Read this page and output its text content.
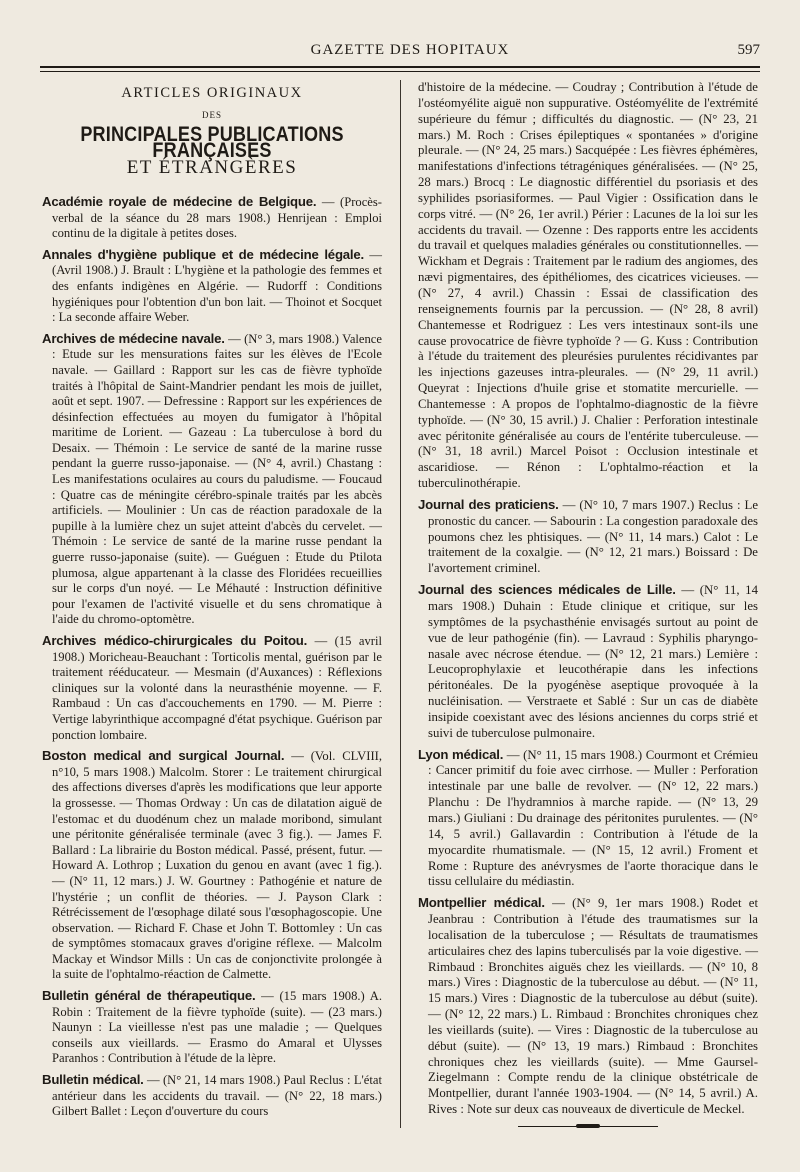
GAZETTE DES HOPITAUX	597
ARTICLES ORIGINAUX
DES
PRINCIPALES PUBLICATIONS FRANÇAISES
ET ÉTRANGÈRES

Académie royale de médecine de Belgique. — (Procès-verbal de la séance du 28 mars 1908.) Henrijean : Emploi continu de la digitale à petites doses.

Annales d'hygiène publique et de médecine légale. — (Avril 1908.) J. Brault : L'hygiène et la pathologie des femmes et des enfants indigènes en Algérie. — Rudorff : Conditions hygiéniques pour l'obtention d'un bon lait. — Thoinot et Socquet : La seconde affaire Weber.

Archives de médecine navale. — (N° 3, mars 1908.) Valence : Etude sur les mensurations faites sur les élèves de l'Ecole navale. — Gaillard : Rapport sur les cas de fièvre typhoïde traités à l'hôpital de Saint-Mandrier pendant les mois de juillet, août et sept. 1907. — Defressine : Rapport sur les expériences de désinfection effectuées au moyen du fumigator à l'hôpital maritime de Lorient. — Gazeau : La tuberculose à bord du Desaix. — Thémoin : Le service de santé de la marine russe pendant la guerre russo-japonaise. — (N° 4, avril.) Chastang : Les manifestations oculaires au cours du paludisme. — Foucaud : Quatre cas de méningite cérébro-spinale traités par les abcès artificiels. — Moulinier : Un cas de réaction paradoxale de la pupille à la lumière chez un sujet atteint d'abcès du cervelet. — Thémoin : Le service de santé de la marine russe pendant la guerre russo-japonaise (suite). — Guéguen : Etude du Ptilota plumosa, algue appartenant à la classe des Floridées recueillies sur le corps d'un noyé. — Le Méhauté : Instruction définitive pour l'examen de l'activité visuelle et du sens chromatique à l'aide du chromo-optomètre.

Archives médico-chirurgicales du Poitou. — (15 avril 1908.) Moricheau-Beauchant : Torticolis mental, guérison par le traitement rééducateur. — Mesmain (d'Auxances) : Réflexions cliniques sur la volonté dans la neurasthénie moyenne. — F. Rambaud : Un cas d'accouchements en 1790. — M. Pierre : Vertige labyrinthique accompagné d'état psychique. Guérison par ponction lombaire.

Boston medical and surgical Journal. — (Vol. CLVIII, n°10, 5 mars 1908.) Malcolm. Storer : Le traitement chirurgical des affections diverses d'après les modifications que leur apporte la grossesse. — Thomas Ordway : Un cas de dilatation aiguë de l'estomac et du duodénum chez un malade moribond, simulant une péritonite généralisée terminale (avec 3 fig.). — James F. Ballard : La librairie du Boston médical. Passé, présent, futur. — Howard A. Lothrop ; Luxation du genou en avant (avec 1 fig.). — (N° 11, 12 mars.) J. W. Gourtney : Pathogénie et nature de l'hystérie ; un conflit de théories. — J. Payson Clark : Rétrécissement de l'œsophage dilaté sous l'œsophagoscopie. Une observation. — Richard F. Chase et John T. Bottomley : Un cas de symptômes stomacaux graves d'origine réflexe. — Malcolm Mackay et Windsor Mills : Un cas de conjonctivite prolongée à la suite de l'ophtalmo-réaction de Calmette.

Bulletin général de thérapeutique. — (15 mars 1908.) A. Robin : Traitement de la fièvre typhoïde (suite). — (23 mars.) Naunyn : La vieillesse n'est pas une maladie ; — Quelques conseils aux vieillards. — Erasmo do Amaral et Ulysses Paranhos : Contribution à l'étude de la lèpre.

Bulletin médical. — (N° 21, 14 mars 1908.) Paul Reclus : L'état antérieur dans les accidents du travail. — (N° 22, 18 mars.) Gilbert Ballet : Leçon d'ouverture du cours

d'histoire de la médecine. — Coudray ; Contribution à l'étude de l'ostéomyélite aiguë non suppurative. Ostéomyélite de l'extrémité supérieure du fémur ; difficultés du diagnostic. — (N° 23, 21 mars.) M. Roch : Crises épileptiques « spontanées » d'origine pleurale. — (N° 24, 25 mars.) Sacquépée : Les fièvres éphémères, manifestations d'infections tétragéniques généralisées. — (N° 25, 28 mars.) Brocq : Le diagnostic différentiel du psoriasis et des syphilides psoriasiformes. — Paul Vigier : Ossification dans le corps vitré. — (N° 26, 1er avril.) Périer : Lacunes de la loi sur les accidents du travail. — Ozenne : Des rapports entre les accidents du travail et quelques maladies générales ou constitutionnelles. — Wickham et Degrais : Traitement par le radium des angiomes, des nævi pigmentaires, des épithéliomes, des cicatrices vicieuses. — (N° 27, 4 avril.) Chassin : Essai de classification des renseignements fournis par la percussion. — (N° 28, 8 avril) Chantemesse et Rodriguez : Les vers intestinaux sont-ils une cause provocatrice de fièvre typhoïde ? — G. Kuss : Contribution à l'étude du traitement des pleurésies purulentes récidivantes par les injections gazeuses intra-pleurales. — (N° 29, 11 avril.) Queyrat : Injections d'huile grise et stomatite mercurielle. — Chantemesse : A propos de l'ophtalmo-diagnostic de la fièvre typhoïde. — (N° 30, 15 avril.) J. Chalier : Perforation intestinale avec péritonite généralisée au cours de l'entérite tuberculeuse. — (N° 31, 18 avril.) Marcel Poisot : Occlusion intestinale et ascaridiose. — Rénon : L'ophtalmo-réaction et la tuberculinothérapie.

Journal des praticiens. — (N° 10, 7 mars 1907.) Reclus : Le pronostic du cancer. — Sabourin : La congestion paradoxale des poumons chez les phtisiques. — (N° 11, 14 mars.) Calot : Le traitement de la coxalgie. — (N° 12, 21 mars.) Boissard : De l'avortement criminel.

Journal des sciences médicales de Lille. — (N° 11, 14 mars 1908.) Duhain : Etude clinique et critique, sur les symptômes de la psychasthénie envisagés surtout au point de vue de leur pathogénie (fin). — Lavraud : Syphilis pharyngo-nasale avec nécrose étendue. — (N° 12, 21 mars.) Lemière : Leucoprophylaxie et leucothérapie dans les infections péritonéales. De la pyogénèse aseptique provoquée à la nucléinisation. — Verstraete et Sablé : Sur un cas de diabète insipide coexistant avec des lésions anciennes du corps strié et suivi de tuberculose pulmonaire.

Lyon médical. — (N° 11, 15 mars 1908.) Courmont et Crémieu : Cancer primitif du foie avec cirrhose. — Muller : Perforation intestinale par une balle de revolver. — (N° 12, 22 mars.) Planchu : De l'hydramnios à marche rapide. — (N° 13, 29 mars.) Giuliani : Du drainage des péritonites purulentes. — (N° 14, 5 avril.) Gallavardin : Contribution à l'étude de la myocardite rhumatismale. — (N° 15, 12 avril.) Froment et Rome : Rupture des anévrysmes de l'aorte thoracique dans le tissu cellulaire du médiastin.

Montpellier médical. — (N° 9, 1er mars 1908.) Rodet et Jeanbrau : Contribution à l'étude des traumatismes sur la localisation de la tuberculose ; — Résultats de traumatismes articulaires chez des lapins tuberculisés par la voie digestive. — Rimbaud : Bronchites aiguës chez les vieillards. — (N° 10, 8 mars.) Vires : Diagnostic de la tuberculose au début. — (N° 11, 15 mars.) Vires : Diagnostic de la tuberculose au début (suite). — (N° 12, 22 mars.) L. Rimbaud : Bronchites chroniques chez les vieillards (suite). — Vires : Diagnostic de la tuberculose au début (suite). — (N° 13, 19 mars.) Rimbaud : Bronchites chroniques chez les vieillards (suite). — Mme Gaursel-Ziegelmann : Compte rendu de la clinique obstétricale de Montpellier, durant l'année 1903-1904. — (N° 14, 5 avril.) A. Rives : Note sur deux cas nouveaux de diverticule de Meckel.
